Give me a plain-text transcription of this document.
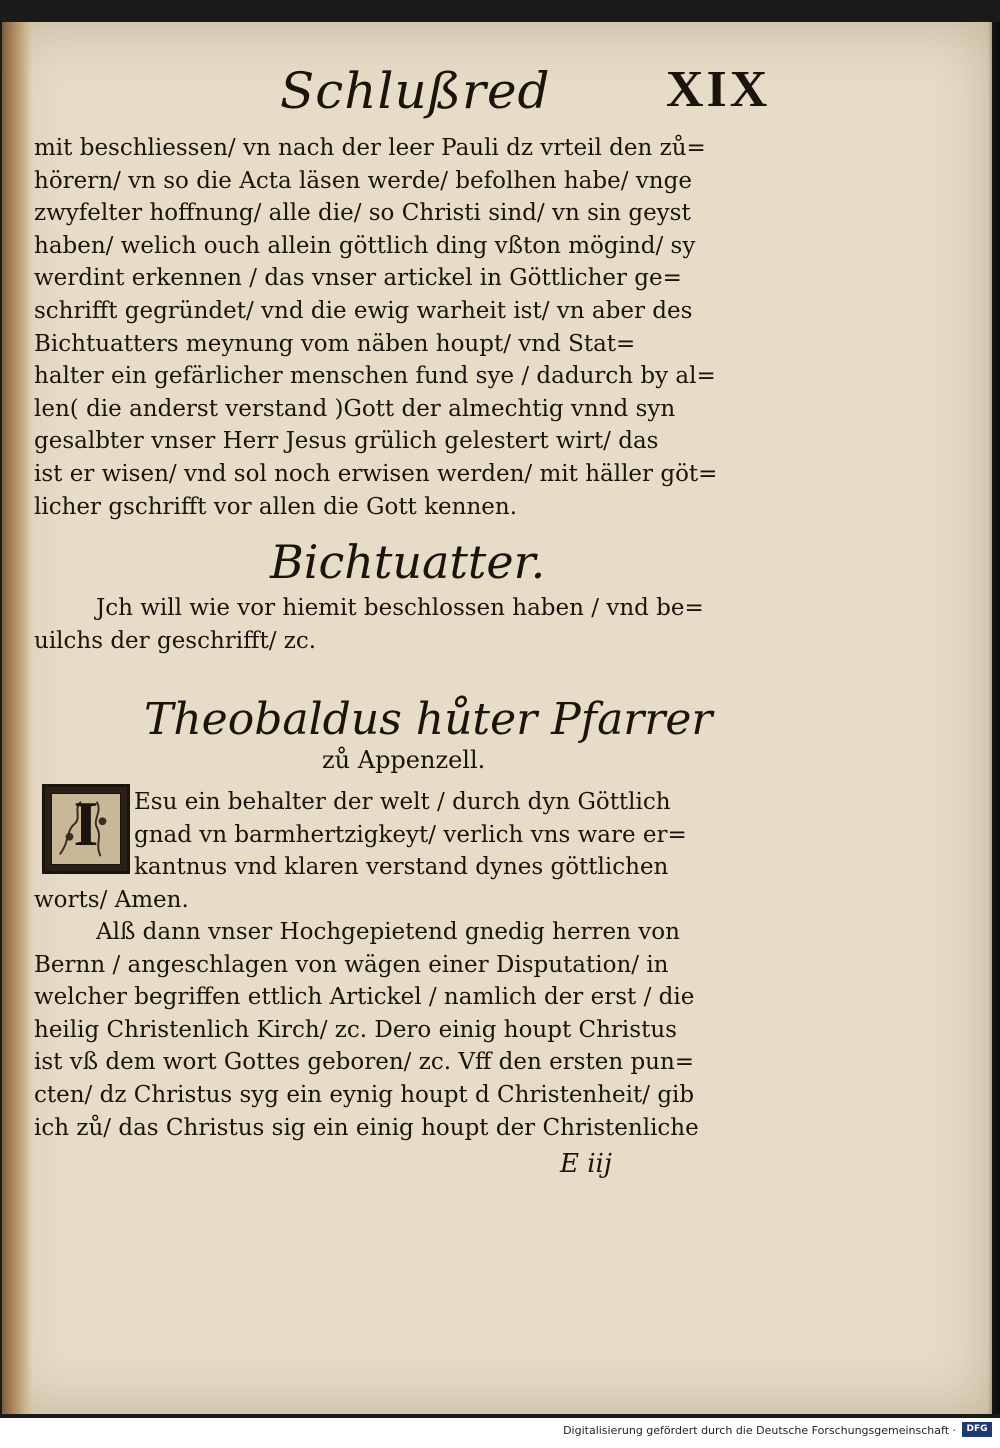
Schlußred XIX
mit beschliessen/ vn nach der leer Pauli dz vrteil den zů=
hörern/ vn so die Acta läsen werde/ befolhen habe/ vnge
zwyfelter hoffnung/ alle die/ so Christi sind/ vn sin geyst
haben/ welich ouch allein göttlich ding vßton mögind/ sy
werdint erkennen / das vnser artickel in Göttlicher ge=
schrifft gegründet/ vnd die ewig warheit ist/ vn aber des
Bichtuatters meynung vom näben houpt/ vnd Stat=
halter ein gefärlicher menschen fund sye / dadurch by al=
len( die anderst verstand )Gott der almechtig vnnd syn
gesalbter vnser Herr Jesus grülich gelestert wirt/ das
ist er wisen/ vnd sol noch erwisen werden/ mit häller göt=
licher gschrifft vor allen die Gott kennen.
Bichtuatter.
Jch will wie vor hiemit beschlossen haben / vnd be=
uilchs der geschrifft/ zc.
Theobaldus hůter Pfarrer
zů Appenzell.
I	Esu ein behalter der welt / durch dyn Göttlich
gnad vn barmhertzigkeyt/ verlich vns ware er=
kantnus vnd klaren verstand dynes göttlichen
worts/ Amen.
Alß dann vnser Hochgepietend gnedig herren von
Bernn / angeschlagen von wägen einer Disputation/ in
welcher begriffen ettlich Artickel / namlich der erst / die
heilig Christenlich Kirch/ zc. Dero einig houpt Christus
ist vß dem wort Gottes geboren/ zc. Vff den ersten pun=
cten/ dz Christus syg ein eynig houpt d Christenheit/ gib
ich zů/ das Christus sig ein einig houpt der Christenliche
E iij
Digitalisierung gefördert durch die Deutsche Forschungsgemeinschaft ·	DFG
